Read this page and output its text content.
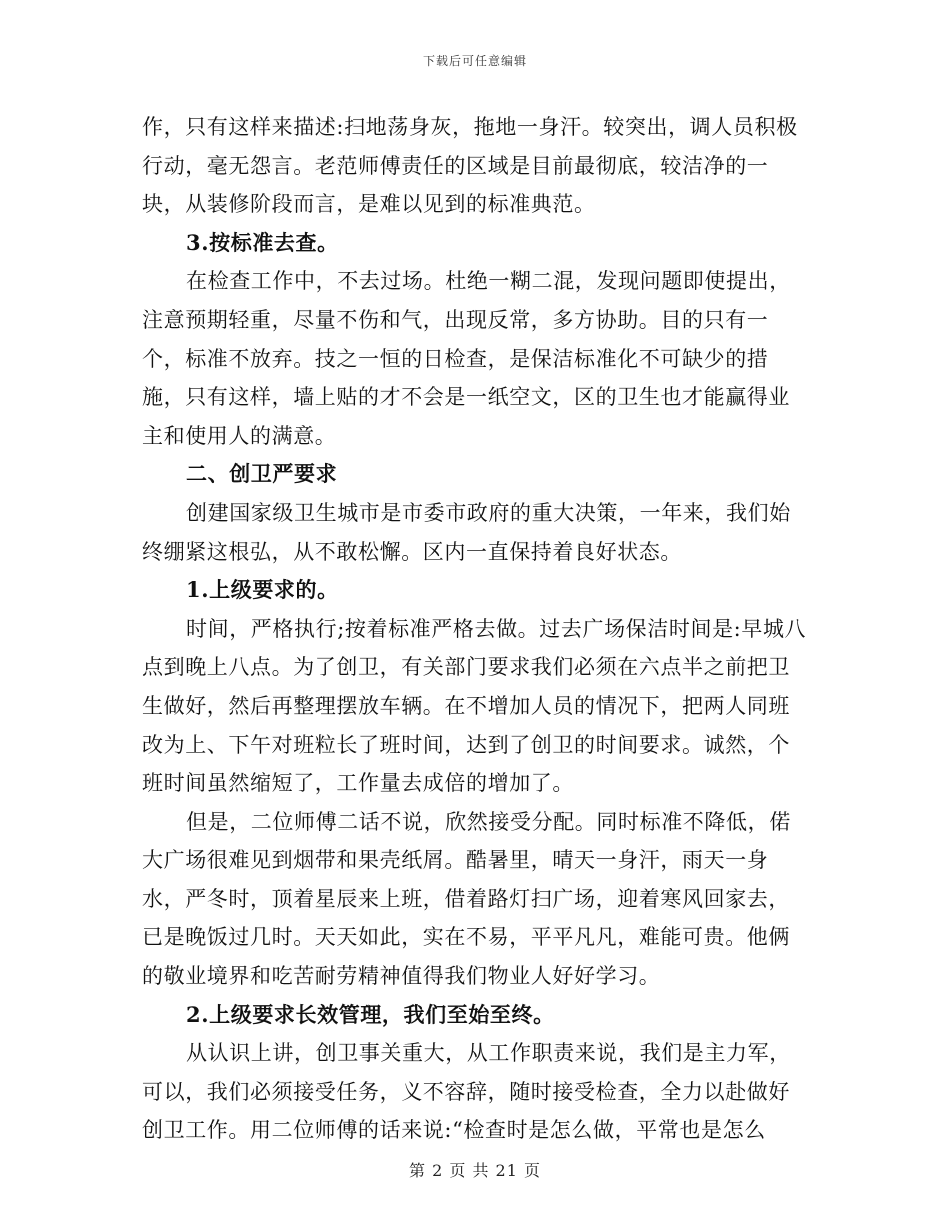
下载后可任意编辑

作，只有这样来描述:扫地荡身灰，拖地一身汗。较突出，调人员积极行动，毫无怨言。老范师傅责任的区域是目前最彻底，较洁净的一块，从装修阶段而言，是难以见到的标准典范。

3.按标准去查。

在检查工作中，不去过场。杜绝一糊二混，发现问题即使提出，注意预期轻重，尽量不伤和气，出现反常，多方协助。目的只有一个，标准不放弃。技之一恒的日检查，是保洁标准化不可缺少的措施，只有这样，墙上贴的才不会是一纸空文，区的卫生也才能赢得业主和使用人的满意。

二、创卫严要求

创建国家级卫生城市是市委市政府的重大决策，一年来，我们始终绷紧这根弘，从不敢松懈。区内一直保持着良好状态。

1.上级要求的。

时间，严格执行;按着标准严格去做。过去广场保洁时间是:早城八点到晚上八点。为了创卫，有关部门要求我们必须在六点半之前把卫生做好，然后再整理摆放车辆。在不增加人员的情况下，把两人同班改为上、下午对班粒长了班时间，达到了创卫的时间要求。诚然，个班时间虽然缩短了，工作量去成倍的增加了。

但是，二位师傅二话不说，欣然接受分配。同时标准不降低，偌大广场很难见到烟带和果壳纸屑。酷暑里，晴天一身汗，雨天一身水，严冬时，顶着星辰来上班，借着路灯扫广场，迎着寒风回家去，已是晚饭过几时。天天如此，实在不易，平平凡凡，难能可贵。他俩的敬业境界和吃苦耐劳精神值得我们物业人好好学习。

2.上级要求长效管理，我们至始至终。

从认识上讲，创卫事关重大，从工作职责来说，我们是主力军，可以，我们必须接受任务，义不容辞，随时接受检查，全力以赴做好创卫工作。用二位师傅的话来说:“检查时是怎么做，平常也是怎么

第 2 页 共 21 页
